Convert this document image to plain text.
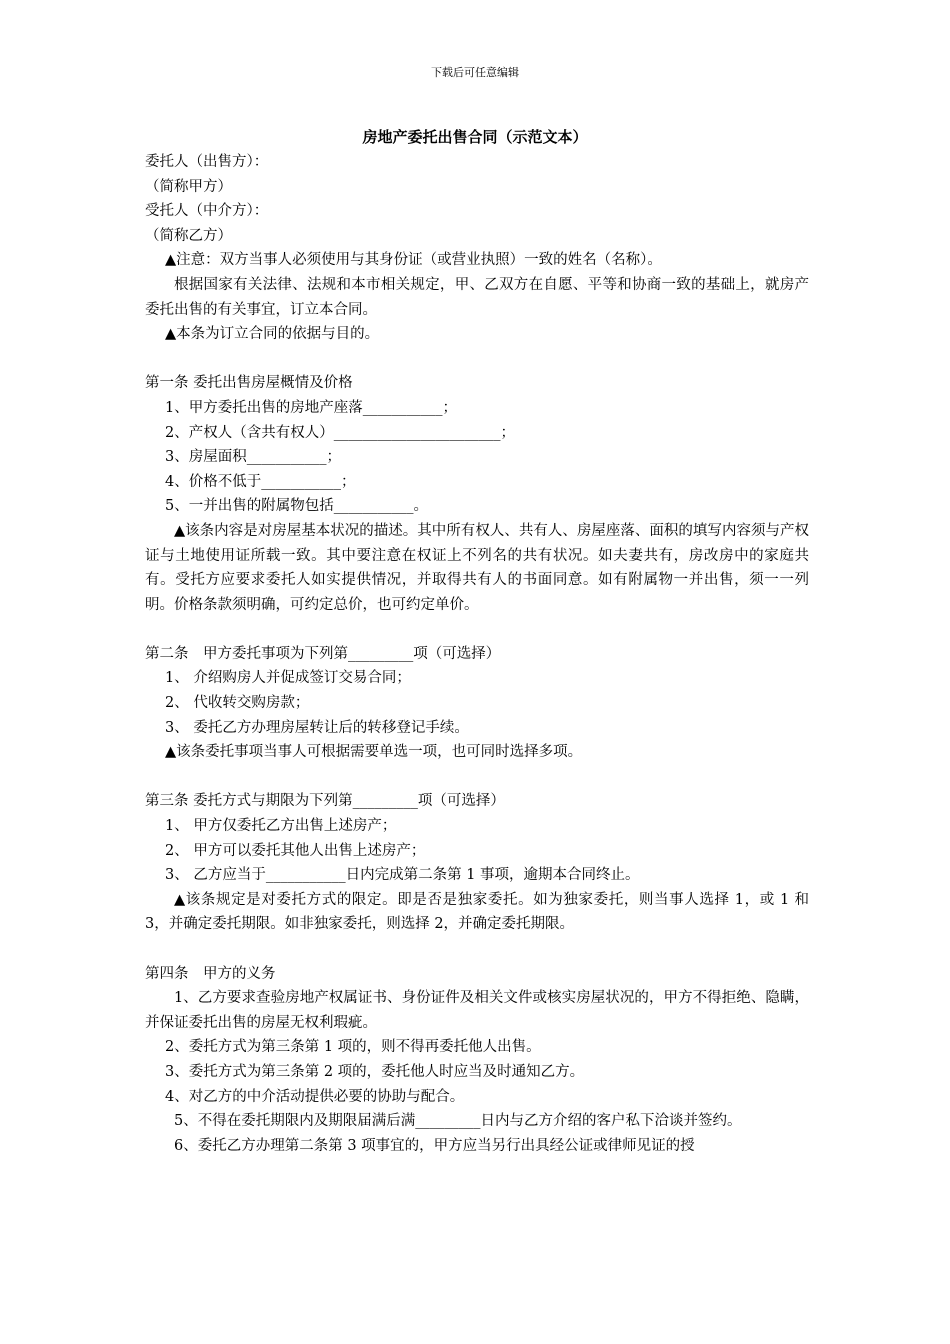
下载后可任意编辑
房地产委托出售合同（示范文本）

委托人（出售方）：

（简称甲方）

受托人（中介方）：

（简称乙方）

▲注意：双方当事人必须使用与其身份证（或营业执照）一致的姓名（名称）。

根据国家有关法律、法规和本市相关规定，甲、乙双方在自愿、平等和协商一致的基础上，就房产委托出售的有关事宜，订立本合同。

▲本条为订立合同的依据与目的。

第一条 委托出售房屋概情及价格

1、甲方委托出售的房地产座落___________；

2、产权人（含共有权人）_______________________；

3、房屋面积___________；

4、价格不低于___________；

5、一并出售的附属物包括___________。

▲该条内容是对房屋基本状况的描述。其中所有权人、共有人、房屋座落、面积的填写内容须与产权证与土地使用证所载一致。其中要注意在权证上不列名的共有状况。如夫妻共有，房改房中的家庭共有。受托方应要求委托人如实提供情况，并取得共有人的书面同意。如有附属物一并出售，须一一列明。价格条款须明确，可约定总价，也可约定单价。

第二条　甲方委托事项为下列第_________项（可选择）

1、 介绍购房人并促成签订交易合同；

2、 代收转交购房款；

3、 委托乙方办理房屋转让后的转移登记手续。

▲该条委托事项当事人可根据需要单选一项，也可同时选择多项。

第三条 委托方式与期限为下列第_________项（可选择）

1、 甲方仅委托乙方出售上述房产；

2、 甲方可以委托其他人出售上述房产；

3、 乙方应当于___________日内完成第二条第 1 事项，逾期本合同终止。

▲该条规定是对委托方式的限定。即是否是独家委托。如为独家委托，则当事人选择 1，或 1 和 3，并确定委托期限。如非独家委托，则选择 2，并确定委托期限。

第四条　甲方的义务

1、乙方要求查验房地产权属证书、身份证件及相关文件或核实房屋状况的，甲方不得拒绝、隐瞒，并保证委托出售的房屋无权利瑕疵。

2、委托方式为第三条第 1 项的，则不得再委托他人出售。

3、委托方式为第三条第 2 项的，委托他人时应当及时通知乙方。

4、对乙方的中介活动提供必要的协助与配合。

5、不得在委托期限内及期限届满后满_________日内与乙方介绍的客户私下洽谈并签约。

6、委托乙方办理第二条第 3 项事宜的，甲方应当另行出具经公证或律师见证的授
